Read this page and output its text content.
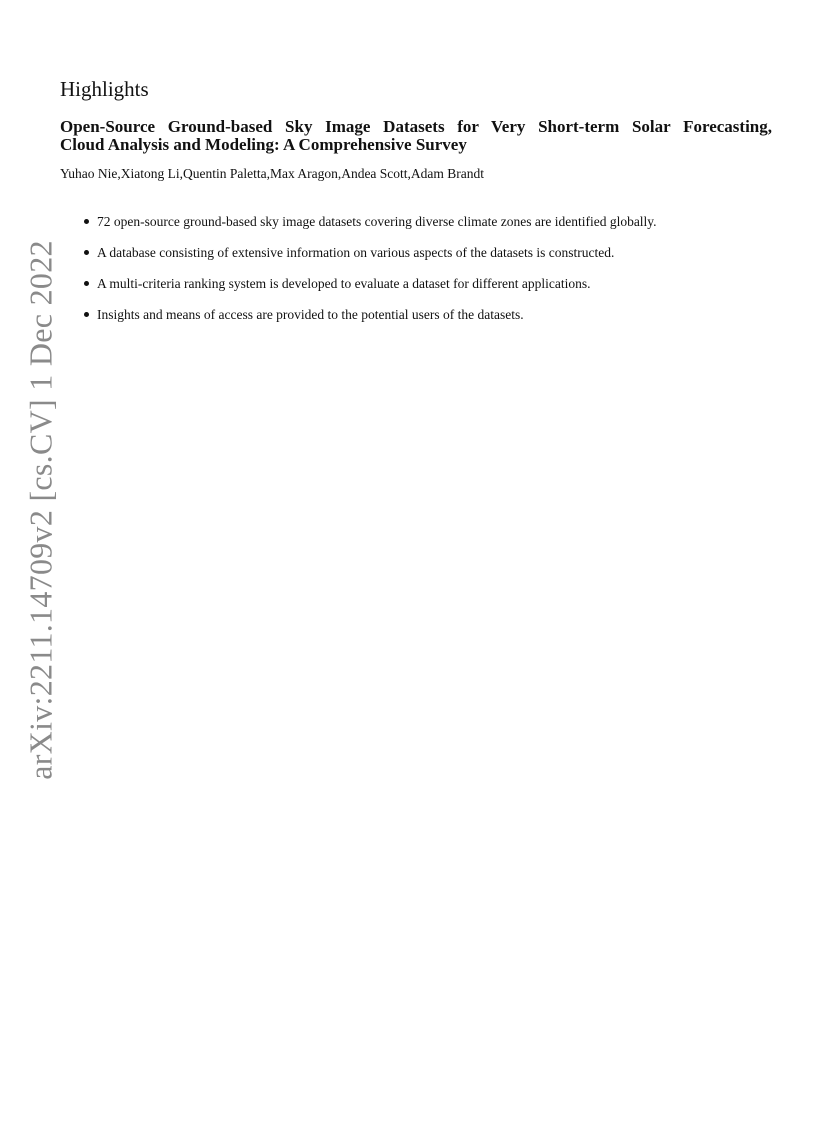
arXiv:2211.14709v2 [cs.CV] 1 Dec 2022
Highlights
Open-Source Ground-based Sky Image Datasets for Very Short-term Solar Forecasting,
Cloud Analysis and Modeling: A Comprehensive Survey

Yuhao Nie,Xiatong Li,Quentin Paletta,Max Aragon,Andea Scott,Adam Brandt

72 open-source ground-based sky image datasets covering diverse climate zones are identified globally.
A database consisting of extensive information on various aspects of the datasets is constructed.
A multi-criteria ranking system is developed to evaluate a dataset for different applications.
Insights and means of access are provided to the potential users of the datasets.
